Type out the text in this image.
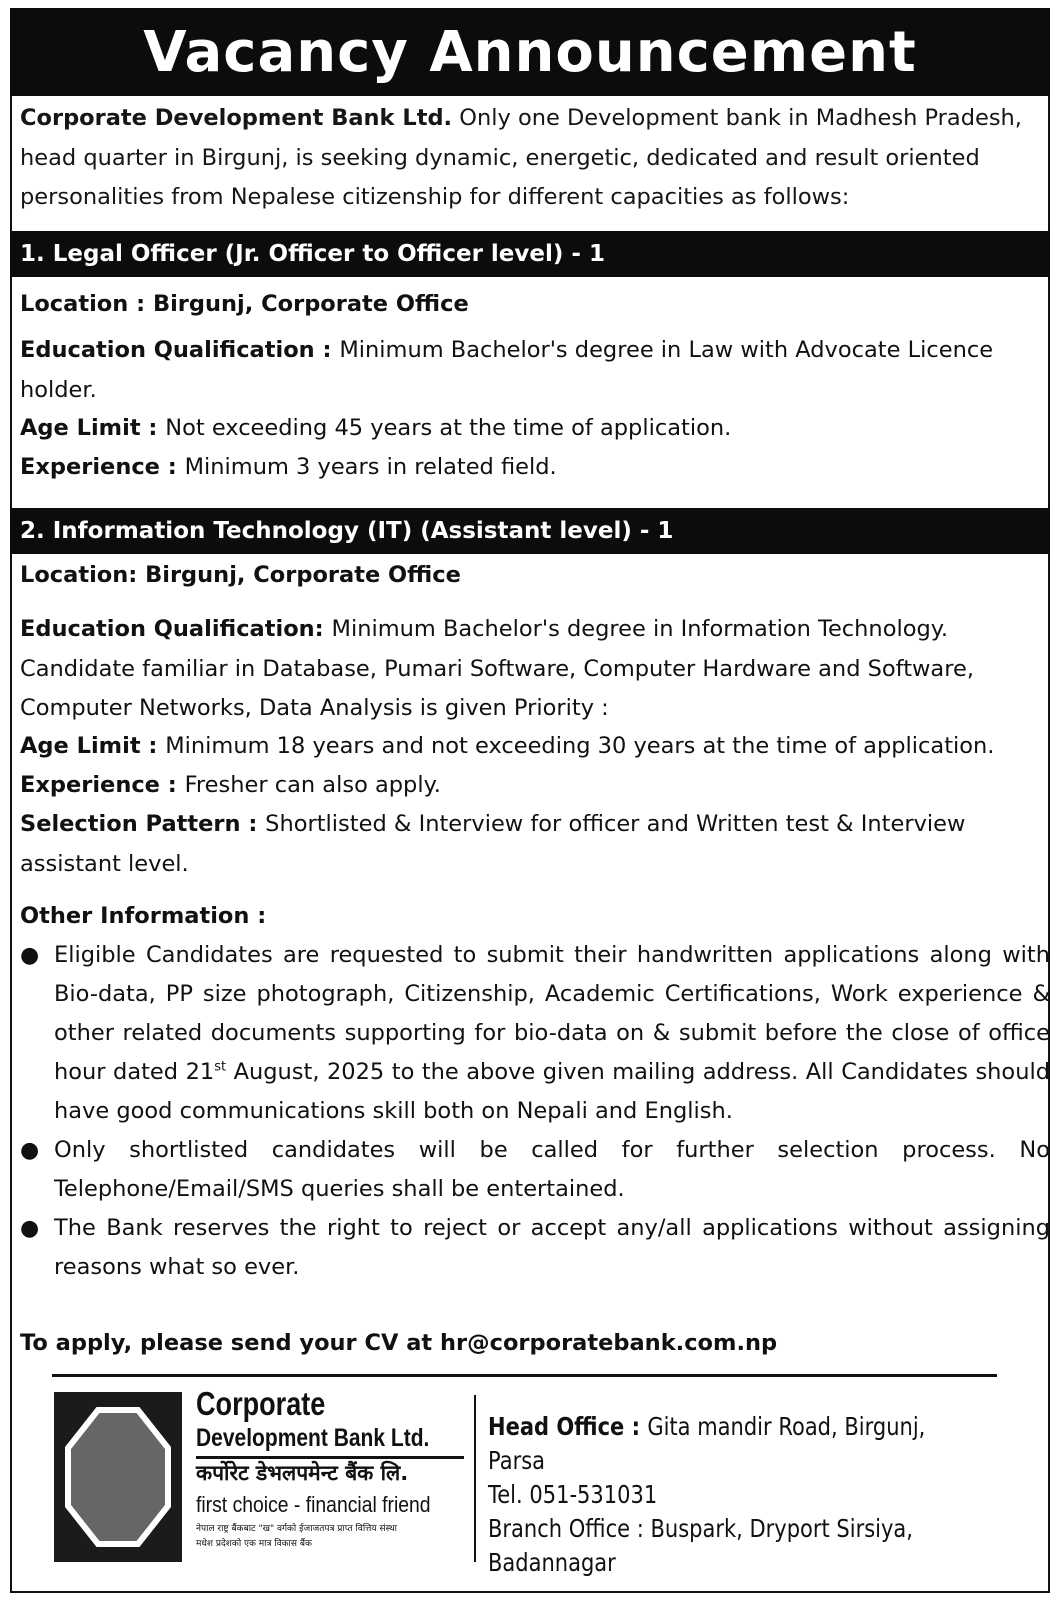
Vacancy Announcement
Corporate Development Bank Ltd. Only one Development bank in Madhesh Pradesh, head quarter in Birgunj, is seeking dynamic, energetic, dedicated and result oriented personalities from Nepalese citizenship for different capacities as follows:
1. Legal Officer (Jr. Officer to Officer level) - 1
Location : Birgunj, Corporate Office
Education Qualification : Minimum Bachelor's degree in Law with Advocate Licence holder.
Age Limit : Not exceeding 45 years at the time of application.
Experience : Minimum 3 years in related field.
2. Information Technology (IT) (Assistant level) - 1
Location: Birgunj, Corporate Office
Education Qualification: Minimum Bachelor's degree in Information Technology. Candidate familiar in Database, Pumari Software, Computer Hardware and Software, Computer Networks, Data Analysis is given Priority :
Age Limit : Minimum 18 years and not exceeding 30 years at the time of application.
Experience : Fresher can also apply.
Selection Pattern : Shortlisted & Interview for officer and Written test & Interview assistant level.
Other Information :
● Eligible Candidates are requested to submit their handwritten applications along with Bio-data, PP size photograph, Citizenship, Academic Certifications, Work experience & other related documents supporting for bio-data on & submit before the close of office hour dated 21st August, 2025 to the above given mailing address. All Candidates should have good communications skill both on Nepali and English.
● Only shortlisted candidates will be called for further selection process. No Telephone/Email/SMS queries shall be entertained.
● The Bank reserves the right to reject or accept any/all applications without assigning reasons what so ever.
To apply, please send your CV at hr@corporatebank.com.np
Corporate
Development Bank Ltd.
कर्पोरेट डेभलपमेन्ट बैंक लि.
first choice - financial friend
नेपाल राष्ट्र बैंकबाट "ख" वर्गको ईजाजतपत्र प्राप्त वित्तिय संस्था
मधेश प्रदेशको एक मात्र विकास बैंक
Head Office : Gita mandir Road, Birgunj, Parsa
Tel. 051-531031
Branch Office : Buspark, Dryport Sirsiya,
Badannagar
